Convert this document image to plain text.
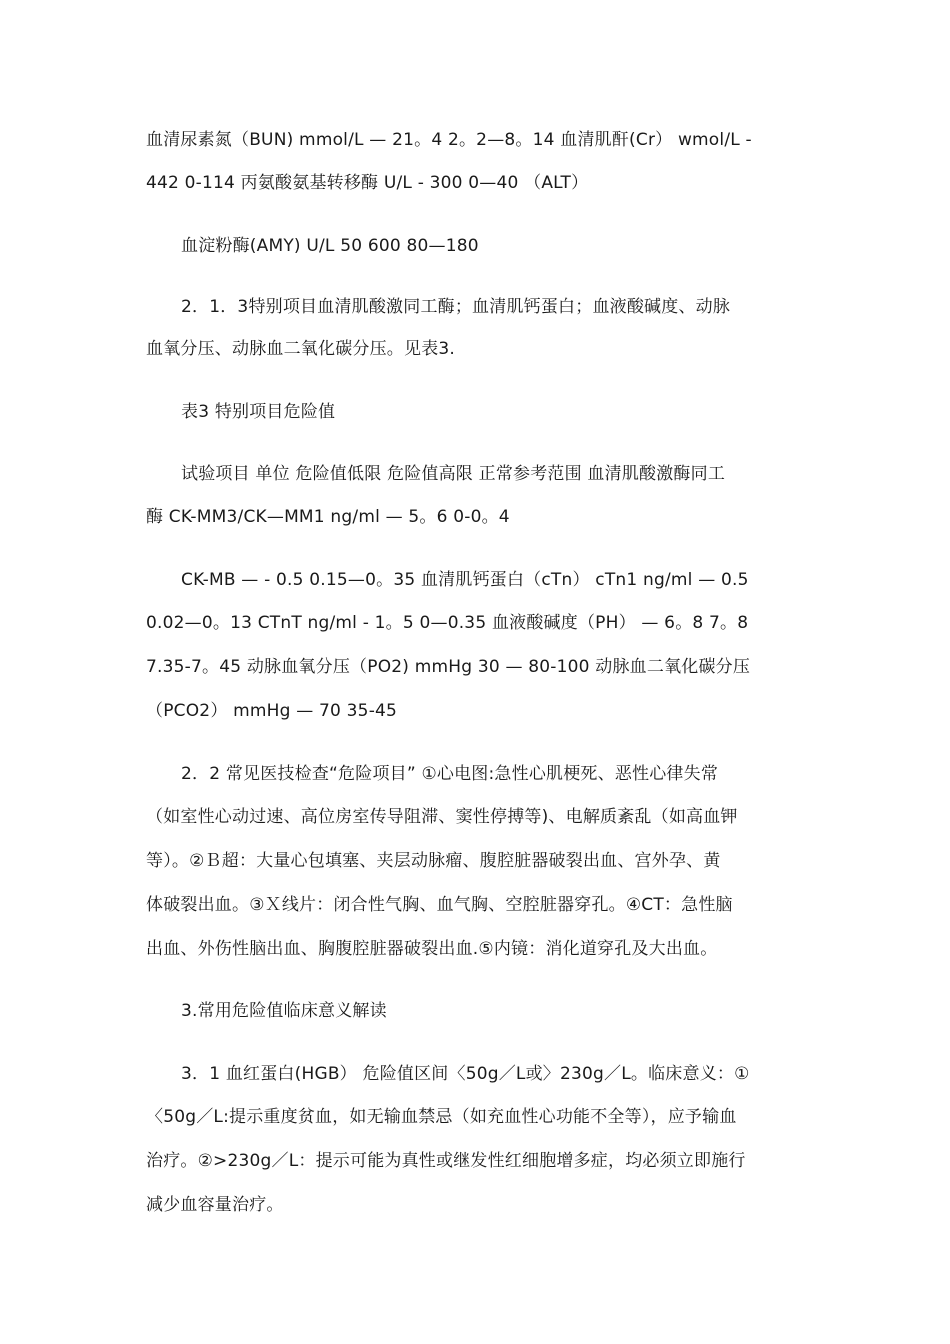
血清尿素氮（BUN) mmol/L — 21。4 2。2—8。14 血清肌酐(Cr） wmol/L -
442 0-114 丙氨酸氨基转移酶 U/L - 300 0—40 （ALT）
血淀粉酶(AMY) U/L 50 600 80—180
2．1．3特别项目血清肌酸激同工酶；血清肌钙蛋白；血液酸碱度、动脉
血氧分压、动脉血二氧化碳分压。见表3.
表3 特别项目危险值
试验项目 单位 危险值低限 危险值高限 正常参考范围 血清肌酸激酶同工
酶 CK-MM3/CK—MM1 ng/ml — 5。6 0-0。4
CK-MB — - 0.5 0.15—0。35 血清肌钙蛋白（cTn） cTn1 ng/ml — 0.5
0.02—0。13 CTnT ng/ml - 1。5 0—0.35 血液酸碱度（PH） — 6。8 7。8
7.35-7。45 动脉血氧分压（PO2) mmHg 30 — 80-100 动脉血二氧化碳分压
（PCO2） mmHg — 70 35-45
2．2 常见医技检查“危险项目” ①心电图:急性心肌梗死、恶性心律失常
（如室性心动过速、高位房室传导阻滞、窦性停搏等)、电解质紊乱（如高血钾
等）。②Ｂ超：大量心包填塞、夹层动脉瘤、腹腔脏器破裂出血、宫外孕、黄
体破裂出血。③Ｘ线片：闭合性气胸、血气胸、空腔脏器穿孔。④CT：急性脑
出血、外伤性脑出血、胸腹腔脏器破裂出血.⑤内镜：消化道穿孔及大出血。
3.常用危险值临床意义解读
3．1 血红蛋白(HGB） 危险值区间〈50g／L或〉230g／L。临床意义：①
〈50g／L:提示重度贫血，如无输血禁忌（如充血性心功能不全等），应予输血
治疗。②>230g／L：提示可能为真性或继发性红细胞增多症，均必须立即施行
减少血容量治疗。
